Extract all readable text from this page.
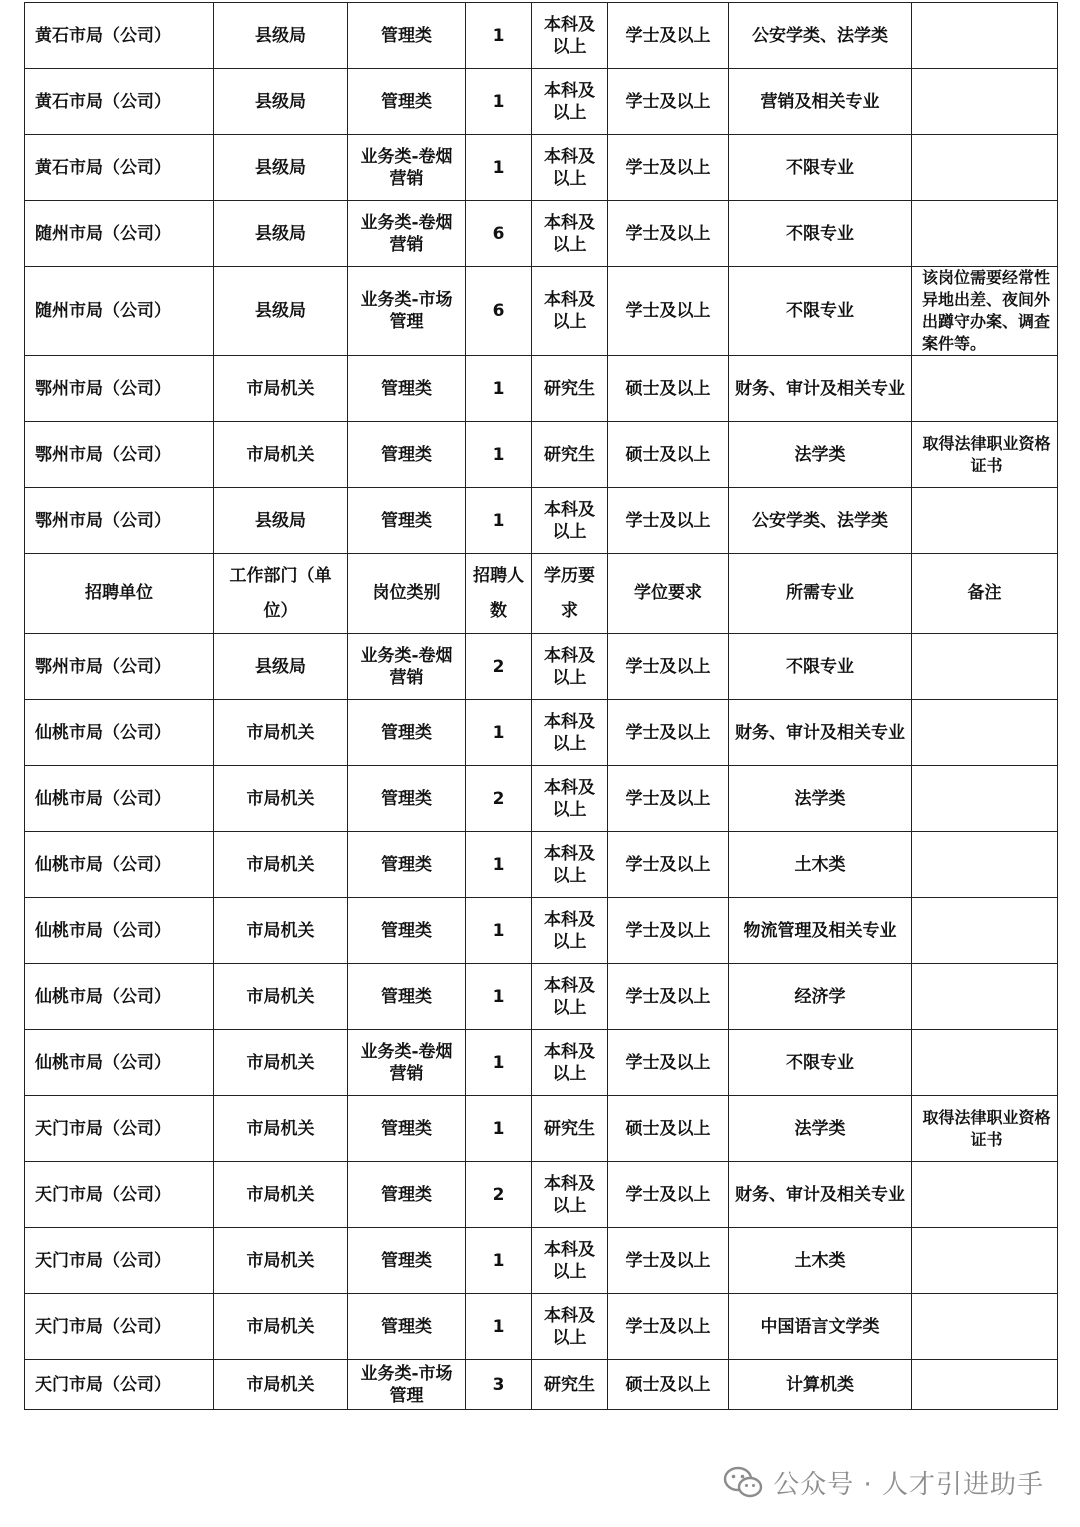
黄石市局（公司）	县级局	管理类	1	本科及以上	学士及以上	公安学类、法学类	
黄石市局（公司）	县级局	管理类	1	本科及以上	学士及以上	营销及相关专业	
黄石市局（公司）	县级局	业务类-卷烟营销	1	本科及以上	学士及以上	不限专业	
随州市局（公司）	县级局	业务类-卷烟营销	6	本科及以上	学士及以上	不限专业	
随州市局（公司）	县级局	业务类-市场管理	6	本科及以上	学士及以上	不限专业	该岗位需要经常性异地出差、夜间外出蹲守办案、调查案件等。
鄂州市局（公司）	市局机关	管理类	1	研究生	硕士及以上	财务、审计及相关专业	
鄂州市局（公司）	市局机关	管理类	1	研究生	硕士及以上	法学类	取得法律职业资格证书
鄂州市局（公司）	县级局	管理类	1	本科及以上	学士及以上	公安学类、法学类	
招聘单位	工作部门（单位）	岗位类别	招聘人数	学历要求	学位要求	所需专业	备注
鄂州市局（公司）	县级局	业务类-卷烟营销	2	本科及以上	学士及以上	不限专业	
仙桃市局（公司）	市局机关	管理类	1	本科及以上	学士及以上	财务、审计及相关专业	
仙桃市局（公司）	市局机关	管理类	2	本科及以上	学士及以上	法学类	
仙桃市局（公司）	市局机关	管理类	1	本科及以上	学士及以上	土木类	
仙桃市局（公司）	市局机关	管理类	1	本科及以上	学士及以上	物流管理及相关专业	
仙桃市局（公司）	市局机关	管理类	1	本科及以上	学士及以上	经济学	
仙桃市局（公司）	市局机关	业务类-卷烟营销	1	本科及以上	学士及以上	不限专业	
天门市局（公司）	市局机关	管理类	1	研究生	硕士及以上	法学类	取得法律职业资格证书
天门市局（公司）	市局机关	管理类	2	本科及以上	学士及以上	财务、审计及相关专业	
天门市局（公司）	市局机关	管理类	1	本科及以上	学士及以上	土木类	
天门市局（公司）	市局机关	管理类	1	本科及以上	学士及以上	中国语言文学类	
天门市局（公司）	市局机关	业务类-市场管理	3	研究生	硕士及以上	计算机类	
公众号 · 人才引进助手
